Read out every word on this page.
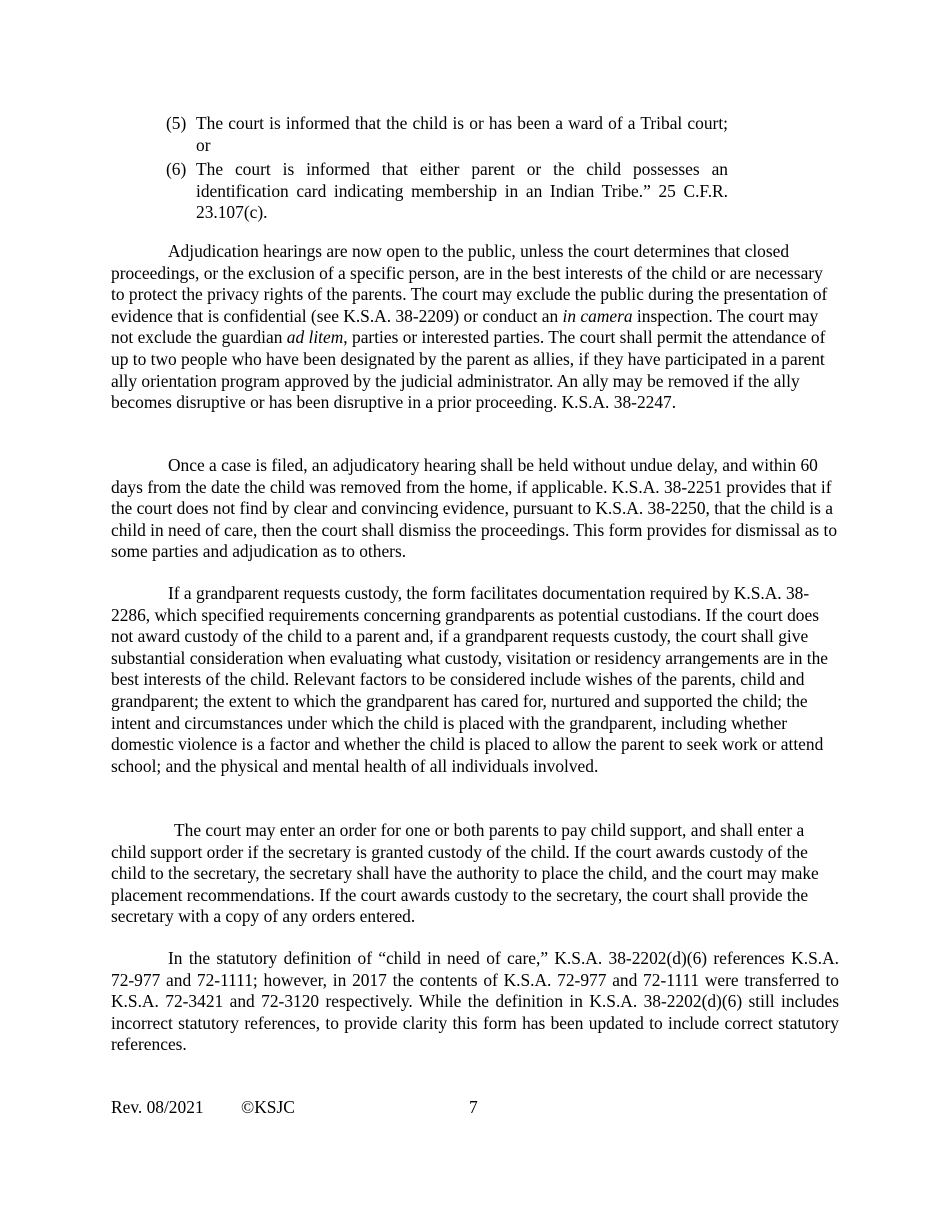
(5) The court is informed that the child is or has been a ward of a Tribal court; or
(6) The court is informed that either parent or the child possesses an identification card indicating membership in an Indian Tribe.” 25 C.F.R. 23.107(c).

Adjudication hearings are now open to the public, unless the court determines that closed proceedings, or the exclusion of a specific person, are in the best interests of the child or are necessary to protect the privacy rights of the parents. The court may exclude the public during the presentation of evidence that is confidential (see K.S.A. 38-2209) or conduct an in camera inspection. The court may not exclude the guardian ad litem, parties or interested parties. The court shall permit the attendance of up to two people who have been designated by the parent as allies, if they have participated in a parent ally orientation program approved by the judicial administrator. An ally may be removed if the ally becomes disruptive or has been disruptive in a prior proceeding. K.S.A. 38-2247.

Once a case is filed, an adjudicatory hearing shall be held without undue delay, and within 60 days from the date the child was removed from the home, if applicable. K.S.A. 38-2251 provides that if the court does not find by clear and convincing evidence, pursuant to K.S.A. 38-2250, that the child is a child in need of care, then the court shall dismiss the proceedings. This form provides for dismissal as to some parties and adjudication as to others.

If a grandparent requests custody, the form facilitates documentation required by K.S.A. 38-2286, which specified requirements concerning grandparents as potential custodians. If the court does not award custody of the child to a parent and, if a grandparent requests custody, the court shall give substantial consideration when evaluating what custody, visitation or residency arrangements are in the best interests of the child. Relevant factors to be considered include wishes of the parents, child and grandparent; the extent to which the grandparent has cared for, nurtured and supported the child; the intent and circumstances under which the child is placed with the grandparent, including whether domestic violence is a factor and whether the child is placed to allow the parent to seek work or attend school; and the physical and mental health of all individuals involved.

The court may enter an order for one or both parents to pay child support, and shall enter a child support order if the secretary is granted custody of the child. If the court awards custody of the child to the secretary, the secretary shall have the authority to place the child, and the court may make placement recommendations. If the court awards custody to the secretary, the court shall provide the secretary with a copy of any orders entered.

In the statutory definition of “child in need of care,” K.S.A. 38-2202(d)(6) references K.S.A. 72-977 and 72-1111; however, in 2017 the contents of K.S.A. 72-977 and 72-1111 were transferred to K.S.A. 72-3421 and 72-3120 respectively. While the definition in K.S.A. 38-2202(d)(6) still includes incorrect statutory references, to provide clarity this form has been updated to include correct statutory references.

Rev. 08/2021 ©KSJC	7
